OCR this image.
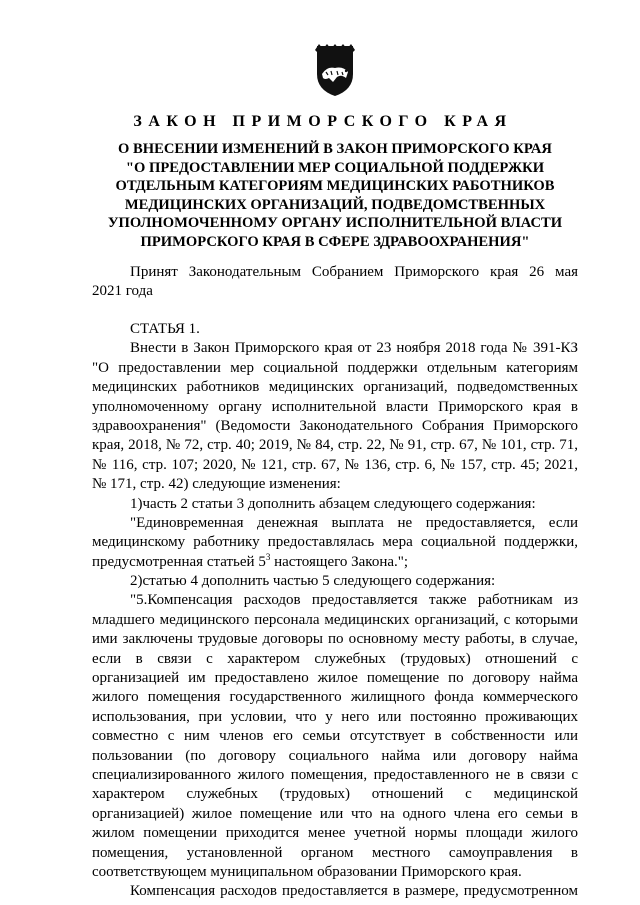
ЗАКОН ПРИМОРСКОГО КРАЯ
О ВНЕСЕНИИ ИЗМЕНЕНИЙ В ЗАКОН ПРИМОРСКОГО КРАЯ
"О ПРЕДОСТАВЛЕНИИ МЕР СОЦИАЛЬНОЙ ПОДДЕРЖКИ
ОТДЕЛЬНЫМ КАТЕГОРИЯМ МЕДИЦИНСКИХ РАБОТНИКОВ
МЕДИЦИНСКИХ ОРГАНИЗАЦИЙ, ПОДВЕДОМСТВЕННЫХ
УПОЛНОМОЧЕННОМУ ОРГАНУ ИСПОЛНИТЕЛЬНОЙ ВЛАСТИ
ПРИМОРСКОГО КРАЯ В СФЕРЕ ЗДРАВООХРАНЕНИЯ"
Принят Законодательным Собранием Приморского края 26 мая
2021 года
СТАТЬЯ 1.
Внести в Закон Приморского края от 23 ноября 2018 года № 391-КЗ
"О предоставлении мер социальной поддержки отдельным категориям
медицинских работников медицинских организаций, подведомственных
уполномоченному органу исполнительной власти Приморского края в
здравоохранения" (Ведомости Законодательного Собрания Приморского
края, 2018, № 72, стр. 40; 2019, № 84, стр. 22, № 91, стр. 67, № 101, стр. 71,
№ 116, стр. 107; 2020, № 121, стр. 67, № 136, стр. 6, № 157, стр. 45; 2021,
№ 171, стр. 42) следующие изменения:
1)часть 2 статьи 3 дополнить абзацем следующего содержания:
"Единовременная денежная выплата не предоставляется, если
медицинскому работнику предоставлялась мера социальной поддержки,
предусмотренная статьей $5^3$ настоящего Закона.";
2)статью 4 дополнить частью 5 следующего содержания:
"5.Компенсация расходов предоставляется также работникам из
младшего медицинского персонала медицинских организаций, с которыми
ими заключены трудовые договоры по основному месту работы, в случае,
если в связи с характером служебных (трудовых) отношений с
организацией им предоставлено жилое помещение по договору найма
жилого помещения государственного жилищного фонда коммерческого
использования, при условии, что у него или постоянно проживающих
совместно с ним членов его семьи отсутствует в собственности или
пользовании (по договору социального найма или договору найма
специализированного жилого помещения, предоставленного не в связи с
характером служебных (трудовых) отношений с медицинской
организацией) жилое помещение или что на одного члена его семьи в
жилом помещении приходится менее учетной нормы площади жилого
помещения, установленной органом местного самоуправления в
соответствующем муниципальном образовании Приморского края.
Компенсация расходов предоставляется в размере, предусмотренном
